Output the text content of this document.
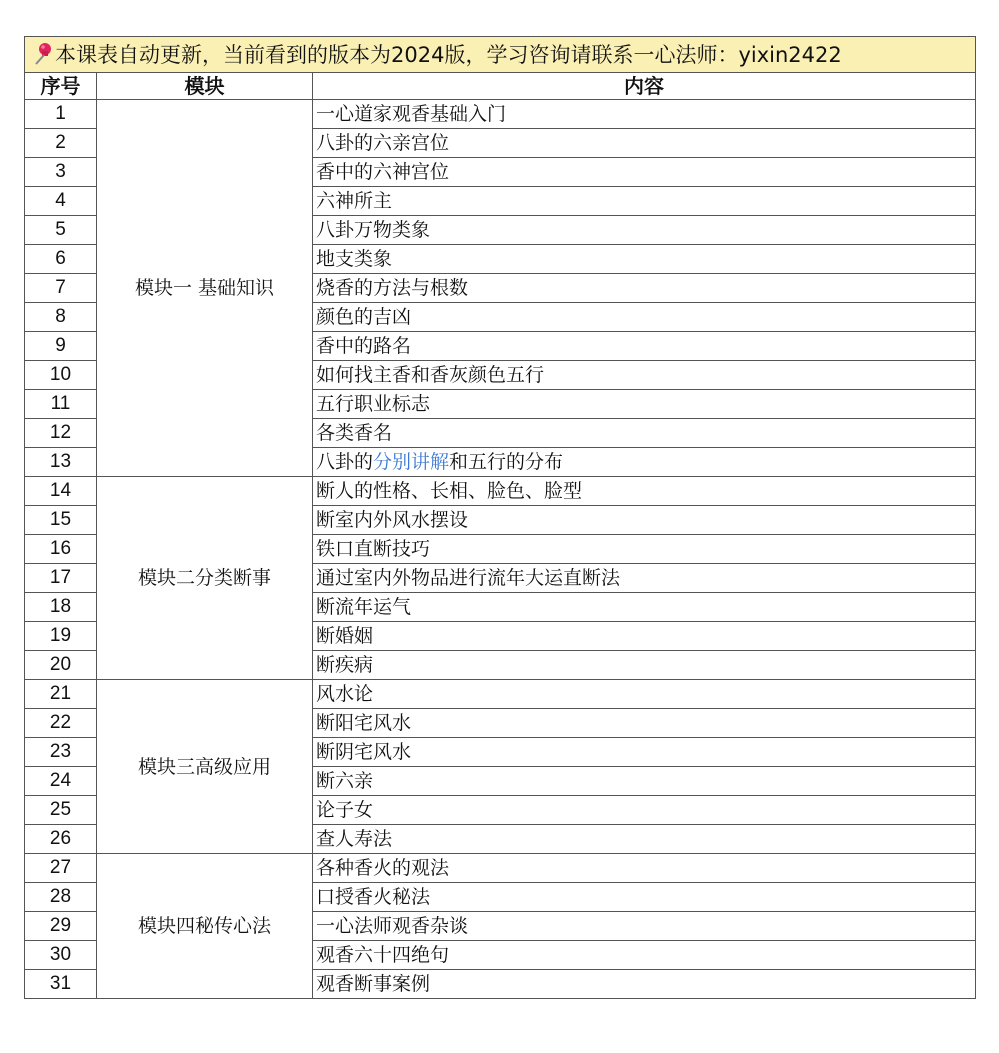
本课表自动更新，当前看到的版本为2024版，学习咨询请联系一心法师：yixin2422		
序号	模块	内容
1	模块一 基础知识	一心道家观香基础入门
2		八卦的六亲宫位
3		香中的六神宫位
4		六神所主
5		八卦万物类象
6		地支类象
7		烧香的方法与根数
8		颜色的吉凶
9		香中的路名
10		如何找主香和香灰颜色五行
11		五行职业标志
12		各类香名
13		八卦的分别讲解和五行的分布
14	模块二分类断事	断人的性格、长相、脸色、脸型
15		断室内外风水摆设
16		铁口直断技巧
17		通过室内外物品进行流年大运直断法
18		断流年运气
19		断婚姻
20		断疾病
21	模块三高级应用	风水论
22		断阳宅风水
23		断阴宅风水
24		断六亲
25		论子女
26		查人寿法
27	模块四秘传心法	各种香火的观法
28		口授香火秘法
29		一心法师观香杂谈
30		观香六十四绝句
31		观香断事案例
